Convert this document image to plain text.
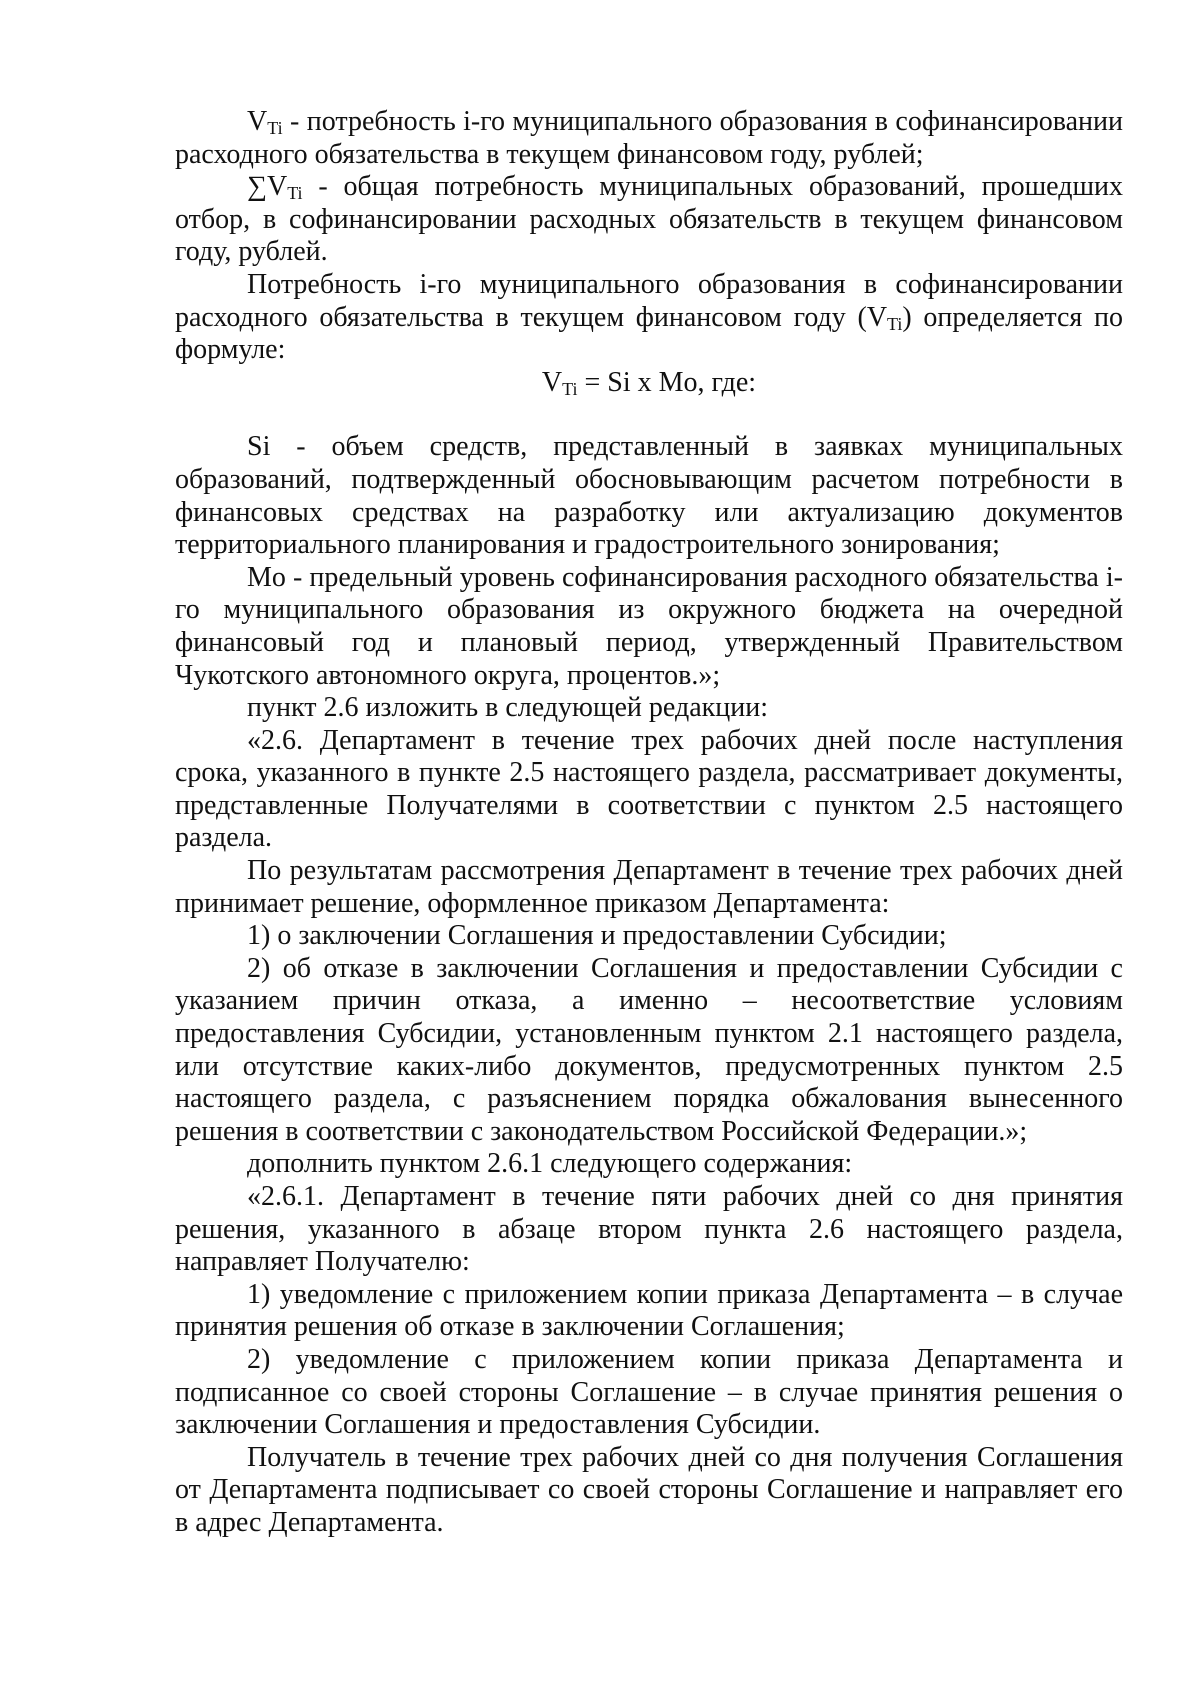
$V_{Ti}$ - потребность i-го муниципального образования в софинансировании расходного обязательства в текущем финансовом году, рублей;

$\sum V_{Ti}$ - общая потребность муниципальных образований, прошедших отбор, в софинансировании расходных обязательств в текущем финансовом году, рублей.

Потребность i-го муниципального образования в софинансировании расходного обязательства в текущем финансовом году $(V_{Ti})$ определяется по формуле:

$V_{Ti} = Si$ x Mo, где:

Si - объем средств, представленный в заявках муниципальных образований, подтвержденный обосновывающим расчетом потребности в финансовых средствах на разработку или актуализацию документов территориального планирования и градостроительного зонирования;

Mo - предельный уровень софинансирования расходного обязательства i-го муниципального образования из окружного бюджета на очередной финансовый год и плановый период, утвержденный Правительством Чукотского автономного округа, процентов.»;

пункт 2.6 изложить в следующей редакции:

«2.6. Департамент в течение трех рабочих дней после наступления срока, указанного в пункте 2.5 настоящего раздела, рассматривает документы, представленные Получателями в соответствии с пунктом 2.5 настоящего раздела.

По результатам рассмотрения Департамент в течение трех рабочих дней принимает решение, оформленное приказом Департамента:

1) о заключении Соглашения и предоставлении Субсидии;

2) об отказе в заключении Соглашения и предоставлении Субсидии с указанием причин отказа, а именно – несоответствие условиям предоставления Субсидии, установленным пунктом 2.1 настоящего раздела, или отсутствие каких-либо документов, предусмотренных пунктом 2.5 настоящего раздела, с разъяснением порядка обжалования вынесенного решения в соответствии с законодательством Российской Федерации.»;

дополнить пунктом 2.6.1 следующего содержания:

«2.6.1. Департамент в течение пяти рабочих дней со дня принятия решения, указанного в абзаце втором пункта 2.6 настоящего раздела, направляет Получателю:

1) уведомление с приложением копии приказа Департамента – в случае принятия решения об отказе в заключении Соглашения;

2) уведомление с приложением копии приказа Департамента и подписанное со своей стороны Соглашение – в случае принятия решения о заключении Соглашения и предоставления Субсидии.

Получатель в течение трех рабочих дней со дня получения Соглашения от Департамента подписывает со своей стороны Соглашение и направляет его в адрес Департамента.
